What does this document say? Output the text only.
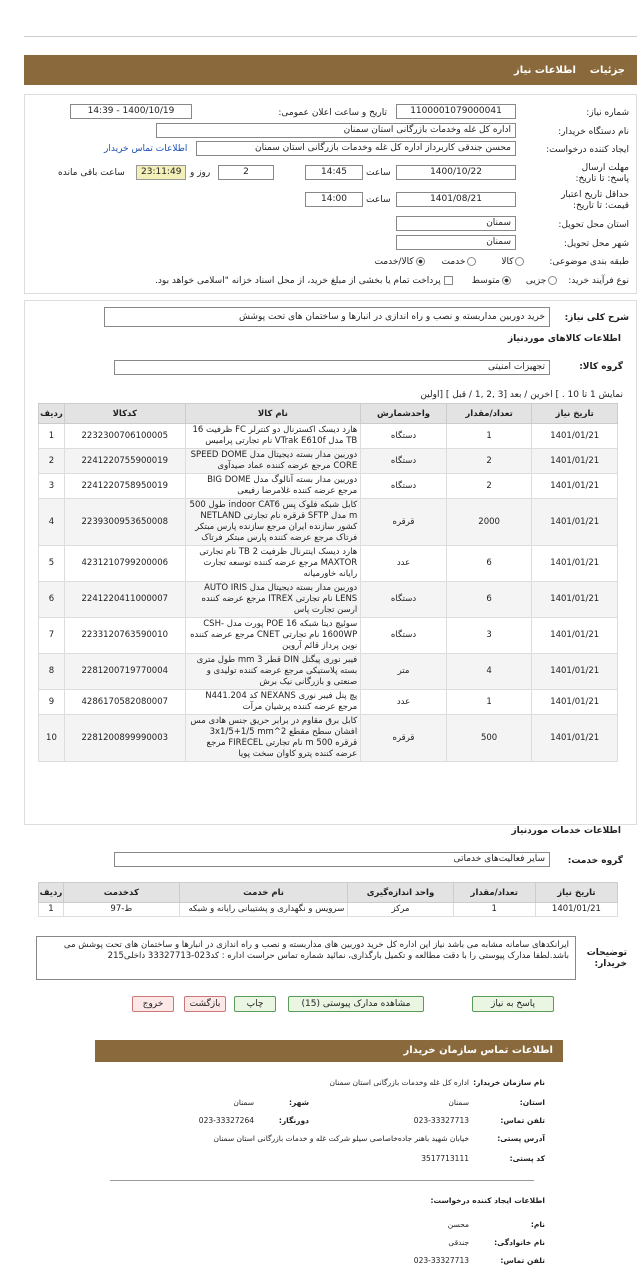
جزئیات
اطلاعات نیاز
شماره نیاز:
1100001079000041
تاریخ و ساعت اعلان عمومی:
1400/10/19 - 14:39
نام دستگاه خریدار:
اداره کل غله وخدمات بازرگانی استان سمنان
ایجاد کننده درخواست:
محسن جندقی کاربرداز اداره کل غله وخدمات بازرگانی استان سمنان
اطلاعات تماس خریدار
مهلت ارسال پاسخ: تا تاریخ:
1400/10/22
ساعت
14:45
2
روز و
23:11:49
ساعت باقی مانده
حداقل تاریخ اعتبار قیمت: تا تاریخ:
1401/08/21
ساعت
14:00
استان محل تحویل:
سمنان
شهر محل تحویل:
سمنان
طبقه بندی موضوعی: کالا خدمت کالا/خدمت
نوع فرآیند خرید: جزیی متوسط پرداخت تمام یا بخشی از مبلغ خرید، از محل اسناد خزانه "اسلامی خواهد بود.
شرح کلی نیاز:
خرید دوربین مداربسته و نصب و راه اندازی در انبارها و ساختمان های تحت پوشش
اطلاعات کالاهای موردنیاز
گروه کالا:
تجهیزات امنیتی
نمایش 1 تا 10 . ] اخرین / بعد [3 ,2 ,1 / قبل ] [اولین
تاریخ نیاز	تعداد/مقدار	واحدشمارش	نام کالا	کدکالا	ردیف
1401/01/21	1	دستگاه	هارد دیسک اکسترنال دو کنترلر FC ظرفیت 16 TB مدل VTrak E610f نام تجارتی پرامیس	2232300706100005	1
1401/01/21	2	دستگاه	دوربین مدار بسته دیجیتال مدل SPEED DOME CORE مرجع عرضه کننده عماد صیدآوی	2241220755900019	2
1401/01/21	2	دستگاه	دوربین مدار بسته آنالوگ مدل BIG DOME مرجع عرضه کننده غلامرضا رفیعی	2241220758950019	3
1401/01/21	2000	قرقره	کابل شبکه فلوک پس indoor CAT6 طول 500 m مدل SFTP قرقره نام تجارتی NETLAND کشور سازنده ایران مرجع سازنده پارس مبتکر فرتاک مرجع عرضه کننده پارس مبتکر فرتاک	2239300953650008	4
1401/01/21	6	عدد	هارد دیسک اینترنال ظرفیت 2 TB نام تجارتی MAXTOR مرجع عرضه کننده توسعه تجارت رایانه خاورمیانه	4231210799200006	5
1401/01/21	6	دستگاه	دوربین مدار بسته دیجیتال مدل AUTO IRIS LENS نام تجارتی ITREX مرجع عرضه کننده ارسن تجارت پاس	2241220411000007	6
1401/01/21	3	دستگاه	سوئیچ دیتا شبکه 16 POE پورت مدل CSH-1600WP نام تجارتی CNET مرجع عرضه کننده نوین پرداز قائم آروین	2233120763590010	7
1401/01/21	4	متر	فیبر نوری پیگتل DIN قطر 3 mm طول متری بسته پلاستیکی مرجع عرضه کننده تولیدی و صنعتی و بازرگانی نیک برش	2281200719770004	8
1401/01/21	1	عدد	پچ پنل فیبر نوری NEXANS کد N441.204 مرجع عرضه کننده پرشیان مرآت	4286170582080007	9
1401/01/21	500	قرقره	کابل برق مقاوم در برابر حریق جنس هادی مس افشان سطح مقطع 3x1/5+1/5 mm^2 قرقره 500 m نام تجارتی FIRECEL مرجع عرضه کننده پترو کاوان سخت پویا	2281200899990003	10
اطلاعات خدمات موردنیاز
گروه خدمت:
سایر فعالیت‌های خدماتی
تاریخ نیاز	تعداد/مقدار	واحد اندازه‌گیری	نام خدمت	کدخدمت	ردیف
1401/01/21	1	مرکز	سرویس و نگهداری و پشتیبانی رایانه و شبکه	ط-97	1
توضیحات خریدار:
ایرانکدهای سامانه مشابه می باشد نیاز این اداره کل خرید دوربین های مداربسته و نصب و راه اندازی در انبارها و ساختمان های تحت پوشش می باشد.لطفا مدارک پیوستی را با دقت مطالعه و تکمیل بارگذاری، نمائید شماره تماس حراست اداره : کد023-33327713 داخلی215
پاسخ به نیاز
مشاهده مدارک پیوستی (15)
چاپ
بازگشت
خروج
اطلاعات تماس سازمان خریدار
نام سازمان خریدار:
اداره کل غله وخدمات بازرگانی استان سمنان
استان:
سمنان
شهر:
سمنان
تلفن تماس:
023-33327713
دورنگار:
023-33327264
آدرس پستی:
خیابان شهید باهنر جاده‌خاصاصی سیلو شرکت غله و خدمات بازرگانی استان سمنان
کد پستی:
3517713111
اطلاعات ایجاد کننده درخواست:
نام:
محسن
نام خانوادگی:
جندقی
تلفن تماس:
023-33327713
